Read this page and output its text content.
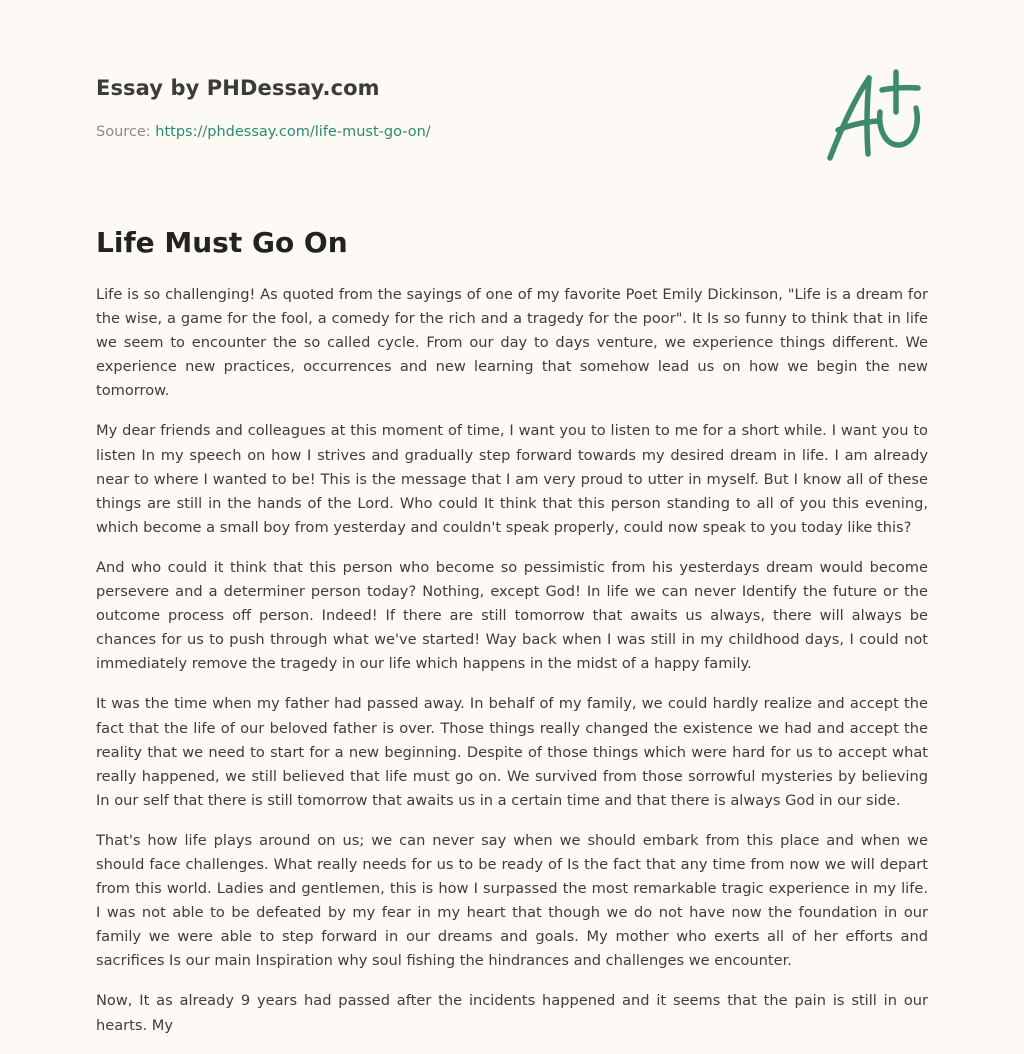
Essay by PHDessay.com
Source: https://phdessay.com/life-must-go-on/
Life Must Go On

Life is so challenging! As quoted from the sayings of one of my favorite Poet Emily Dickinson, "Life is a dream for the wise, a game for the fool, a comedy for the rich and a tragedy for the poor". It Is so funny to think that in life we seem to encounter the so called cycle. From our day to days venture, we experience things different. We experience new practices, occurrences and new learning that somehow lead us on how we begin the new tomorrow.

My dear friends and colleagues at this moment of time, I want you to listen to me for a short while. I want you to listen In my speech on how I strives and gradually step forward towards my desired dream in life. I am already near to where I wanted to be! This is the message that I am very proud to utter in myself. But I know all of these things are still in the hands of the Lord. Who could It think that this person standing to all of you this evening, which become a small boy from yesterday and couldn't speak properly, could now speak to you today like this?

And who could it think that this person who become so pessimistic from his yesterdays dream would become persevere and a determiner person today? Nothing, except God! In life we can never Identify the future or the outcome process off person. Indeed! If there are still tomorrow that awaits us always, there will always be chances for us to push through what we've started! Way back when I was still in my childhood days, I could not immediately remove the tragedy in our life which happens in the midst of a happy family.

It was the time when my father had passed away. In behalf of my family, we could hardly realize and accept the fact that the life of our beloved father is over. Those things really changed the existence we had and accept the reality that we need to start for a new beginning. Despite of those things which were hard for us to accept what really happened, we still believed that life must go on. We survived from those sorrowful mysteries by believing In our self that there is still tomorrow that awaits us in a certain time and that there is always God in our side.

That's how life plays around on us; we can never say when we should embark from this place and when we should face challenges. What really needs for us to be ready of Is the fact that any time from now we will depart from this world. Ladies and gentlemen, this is how I surpassed the most remarkable tragic experience in my life. I was not able to be defeated by my fear in my heart that though we do not have now the foundation in our family we were able to step forward in our dreams and goals. My mother who exerts all of her efforts and sacrifices Is our main Inspiration why soul fishing the hindrances and challenges we encounter.

Now, It as already 9 years had passed after the incidents happened and it seems that the pain is still in our hearts. My
